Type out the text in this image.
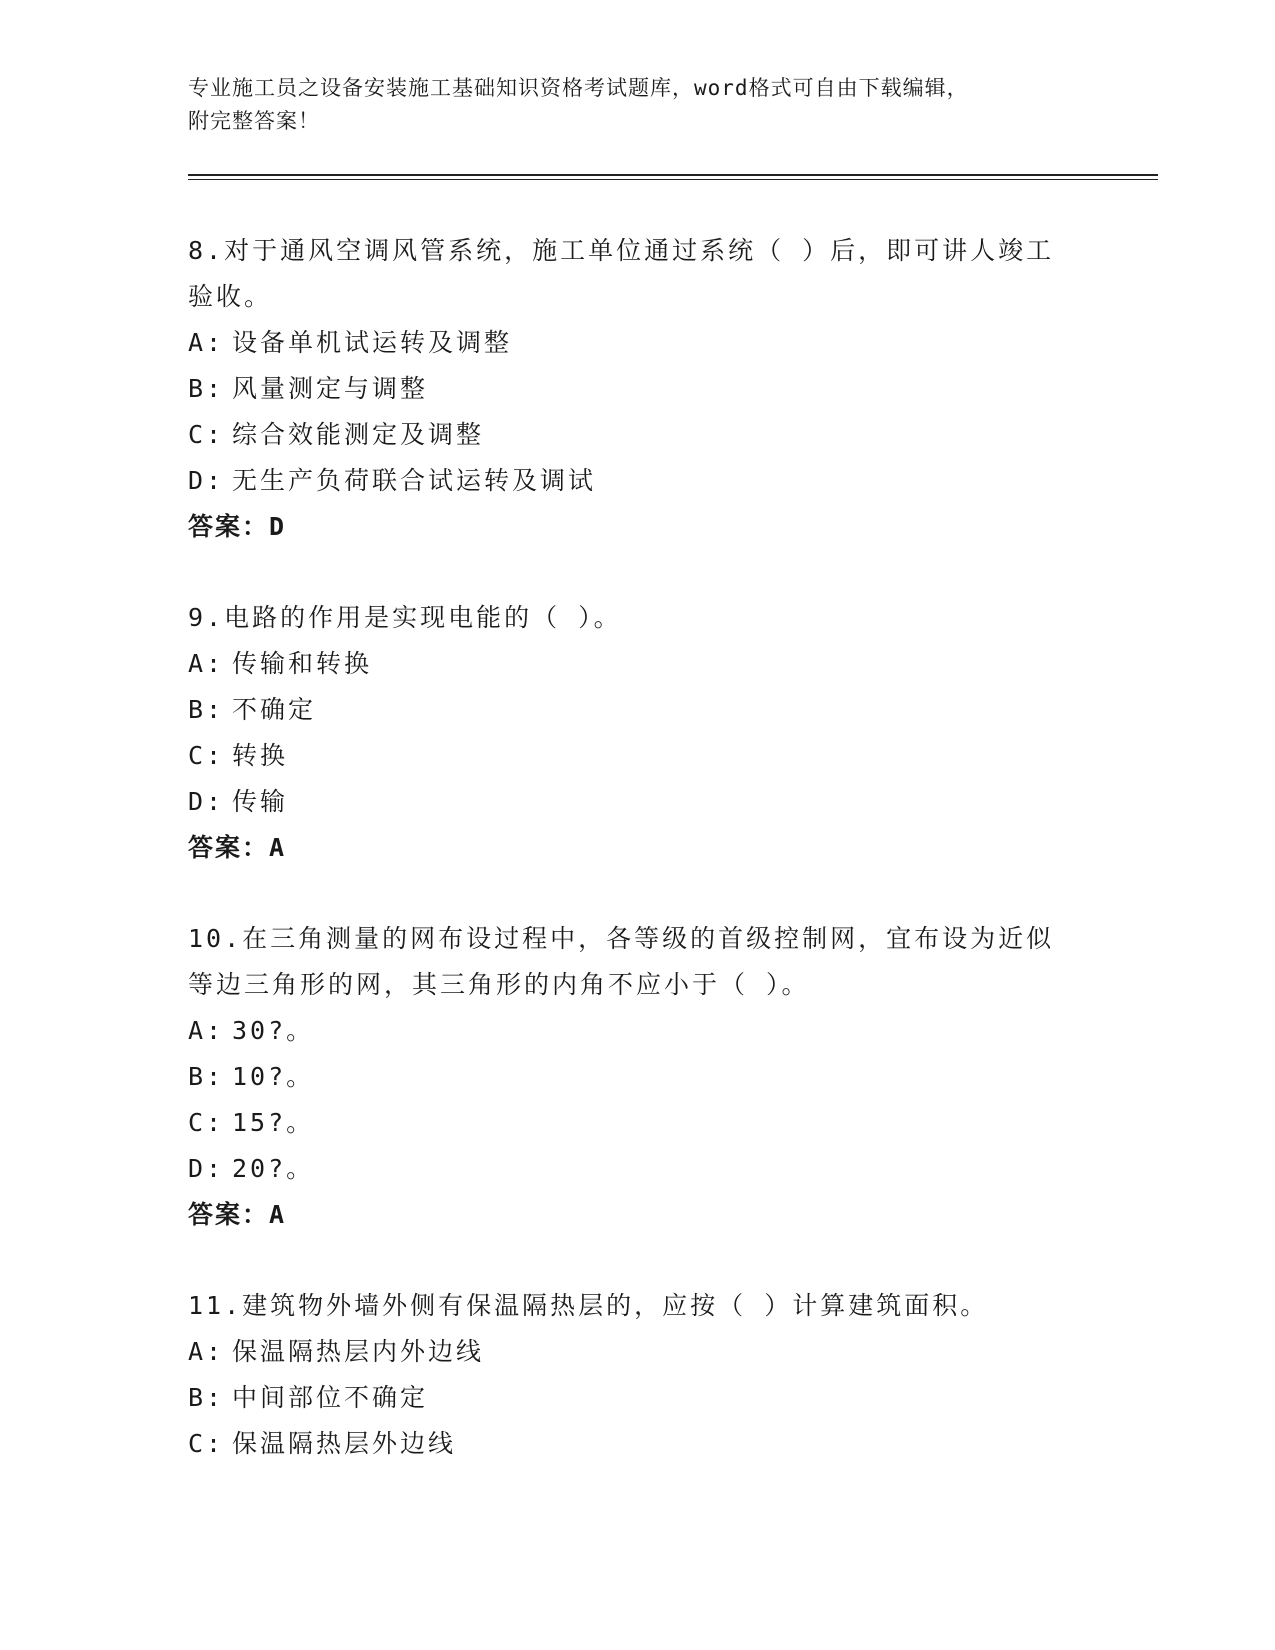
专业施工员之设备安装施工基础知识资格考试题库，word格式可自由下载编辑，

附完整答案！

8.对于通风空调风管系统，施工单位通过系统（ ）后，即可讲人竣工

验收。

A: 设备单机试运转及调整

B: 风量测定与调整

C: 综合效能测定及调整

D: 无生产负荷联合试运转及调试

答案：D

9.电路的作用是实现电能的（ ）。

A: 传输和转换

B: 不确定

C: 转换

D: 传输

答案：A

10.在三角测量的网布设过程中，各等级的首级控制网，宜布设为近似

等边三角形的网，其三角形的内角不应小于（ ）。

A: 30?。

B: 10?。

C: 15?。

D: 20?。

答案：A

11.建筑物外墙外侧有保温隔热层的，应按（ ）计算建筑面积。

A: 保温隔热层内外边线

B: 中间部位不确定

C: 保温隔热层外边线
